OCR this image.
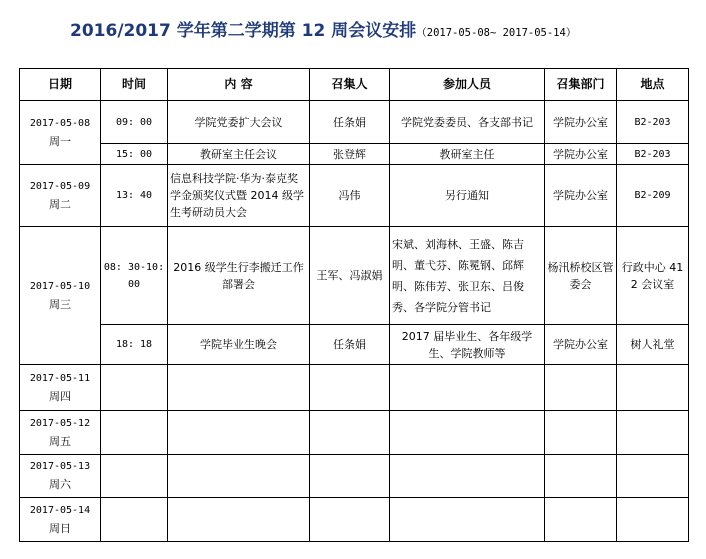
2016/2017 学年第二学期第 12 周会议安排（2017-05-08~ 2017-05-14）
日期	时间	内 容	召集人	参加人员	召集部门	地点

2017-05-08
周一	09: 00	学院党委扩大会议	任条娟	学院党委委员、各支部书记	学院办公室	B2-203
	15: 00	教研室主任会议	张登辉	教研室主任	学院办公室	B2-203

2017-05-09
周二	13: 40	信息科技学院·华为·泰克奖学金颁奖仪式暨 2014 级学生考研动员大会	冯伟	另行通知	学院办公室	B2-209

2017-05-10
周三	08: 30-10: 00	2016 级学生行李搬迁工作部署会	王军、冯淑娟	宋斌、刘海林、王盛、陈吉明、董弋芬、陈冕钢、邱辉明、陈伟芳、张卫东、吕俊秀、各学院分管书记	杨汛桥校区管委会	行政中心 412 会议室

	18: 18	学院毕业生晚会	任条娟	2017 届毕业生、各年级学生、学院教师等	学院办公室	树人礼堂

2017-05-11
周四						

2017-05-12
周五						

2017-05-13
周六						

2017-05-14
周日						
